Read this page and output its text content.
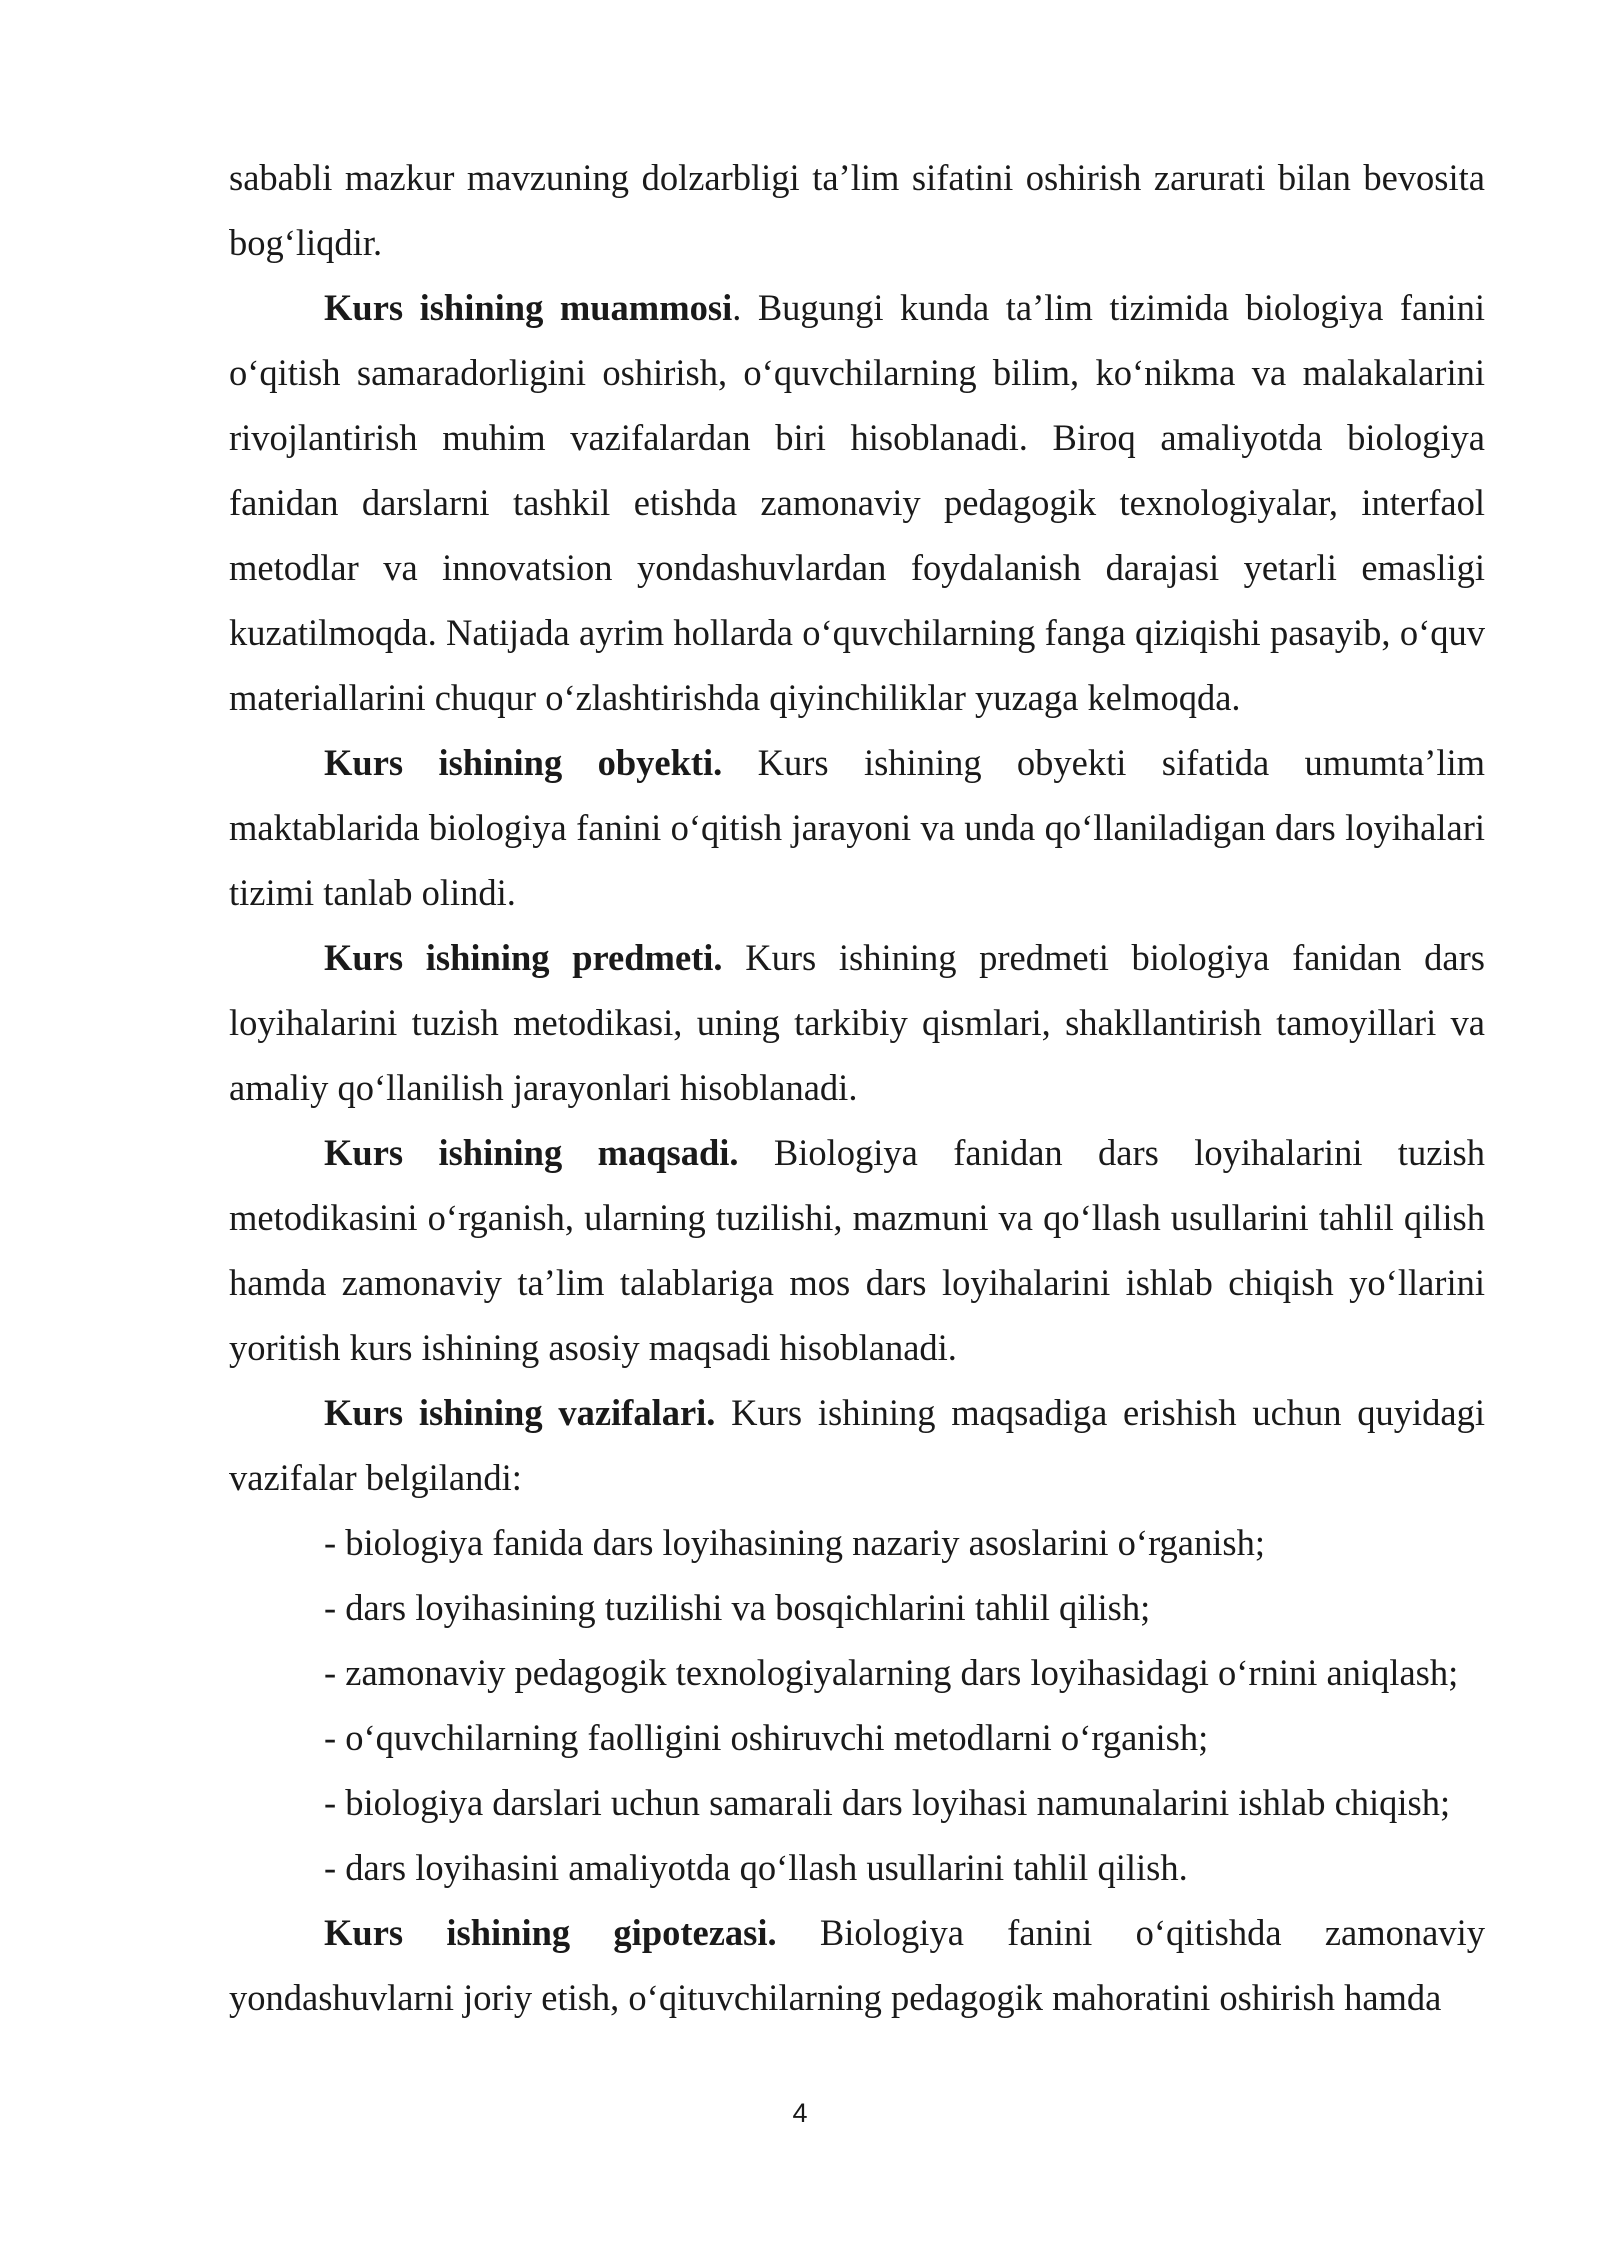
sababli mazkur mavzuning dolzarbligi ta’lim sifatini oshirish zarurati bilan bevosita bog‘liqdir.

Kurs ishining muammosi. Bugungi kunda ta’lim tizimida biologiya fanini o‘qitish samaradorligini oshirish, o‘quvchilarning bilim, ko‘nikma va malakalarini rivojlantirish muhim vazifalardan biri hisoblanadi. Biroq amaliyotda biologiya fanidan darslarni tashkil etishda zamonaviy pedagogik texnologiyalar, interfaol metodlar va innovatsion yondashuvlardan foydalanish darajasi yetarli emasligi kuzatilmoqda. Natijada ayrim hollarda o‘quvchilarning fanga qiziqishi pasayib, o‘quv materiallarini chuqur o‘zlashtirishda qiyinchiliklar yuzaga kelmoqda.

Kurs ishining obyekti. Kurs ishining obyekti sifatida umumta’lim maktablarida biologiya fanini o‘qitish jarayoni va unda qo‘llaniladigan dars loyihalari tizimi tanlab olindi.

Kurs ishining predmeti. Kurs ishining predmeti biologiya fanidan dars loyihalarini tuzish metodikasi, uning tarkibiy qismlari, shakllantirish tamoyillari va amaliy qo‘llanilish jarayonlari hisoblanadi.

Kurs ishining maqsadi. Biologiya fanidan dars loyihalarini tuzish metodikasini o‘rganish, ularning tuzilishi, mazmuni va qo‘llash usullarini tahlil qilish hamda zamonaviy ta’lim talablariga mos dars loyihalarini ishlab chiqish yo‘llarini yoritish kurs ishining asosiy maqsadi hisoblanadi.

Kurs ishining vazifalari. Kurs ishining maqsadiga erishish uchun quyidagi vazifalar belgilandi:

- biologiya fanida dars loyihasining nazariy asoslarini o‘rganish;

- dars loyihasining tuzilishi va bosqichlarini tahlil qilish;

- zamonaviy pedagogik texnologiyalarning dars loyihasidagi o‘rnini aniqlash;

- o‘quvchilarning faolligini oshiruvchi metodlarni o‘rganish;

- biologiya darslari uchun samarali dars loyihasi namunalarini ishlab chiqish;

- dars loyihasini amaliyotda qo‘llash usullarini tahlil qilish.

Kurs ishining gipotezasi. Biologiya fanini o‘qitishda zamonaviy yondashuvlarni joriy etish, o‘qituvchilarning pedagogik mahoratini oshirish hamda

4
